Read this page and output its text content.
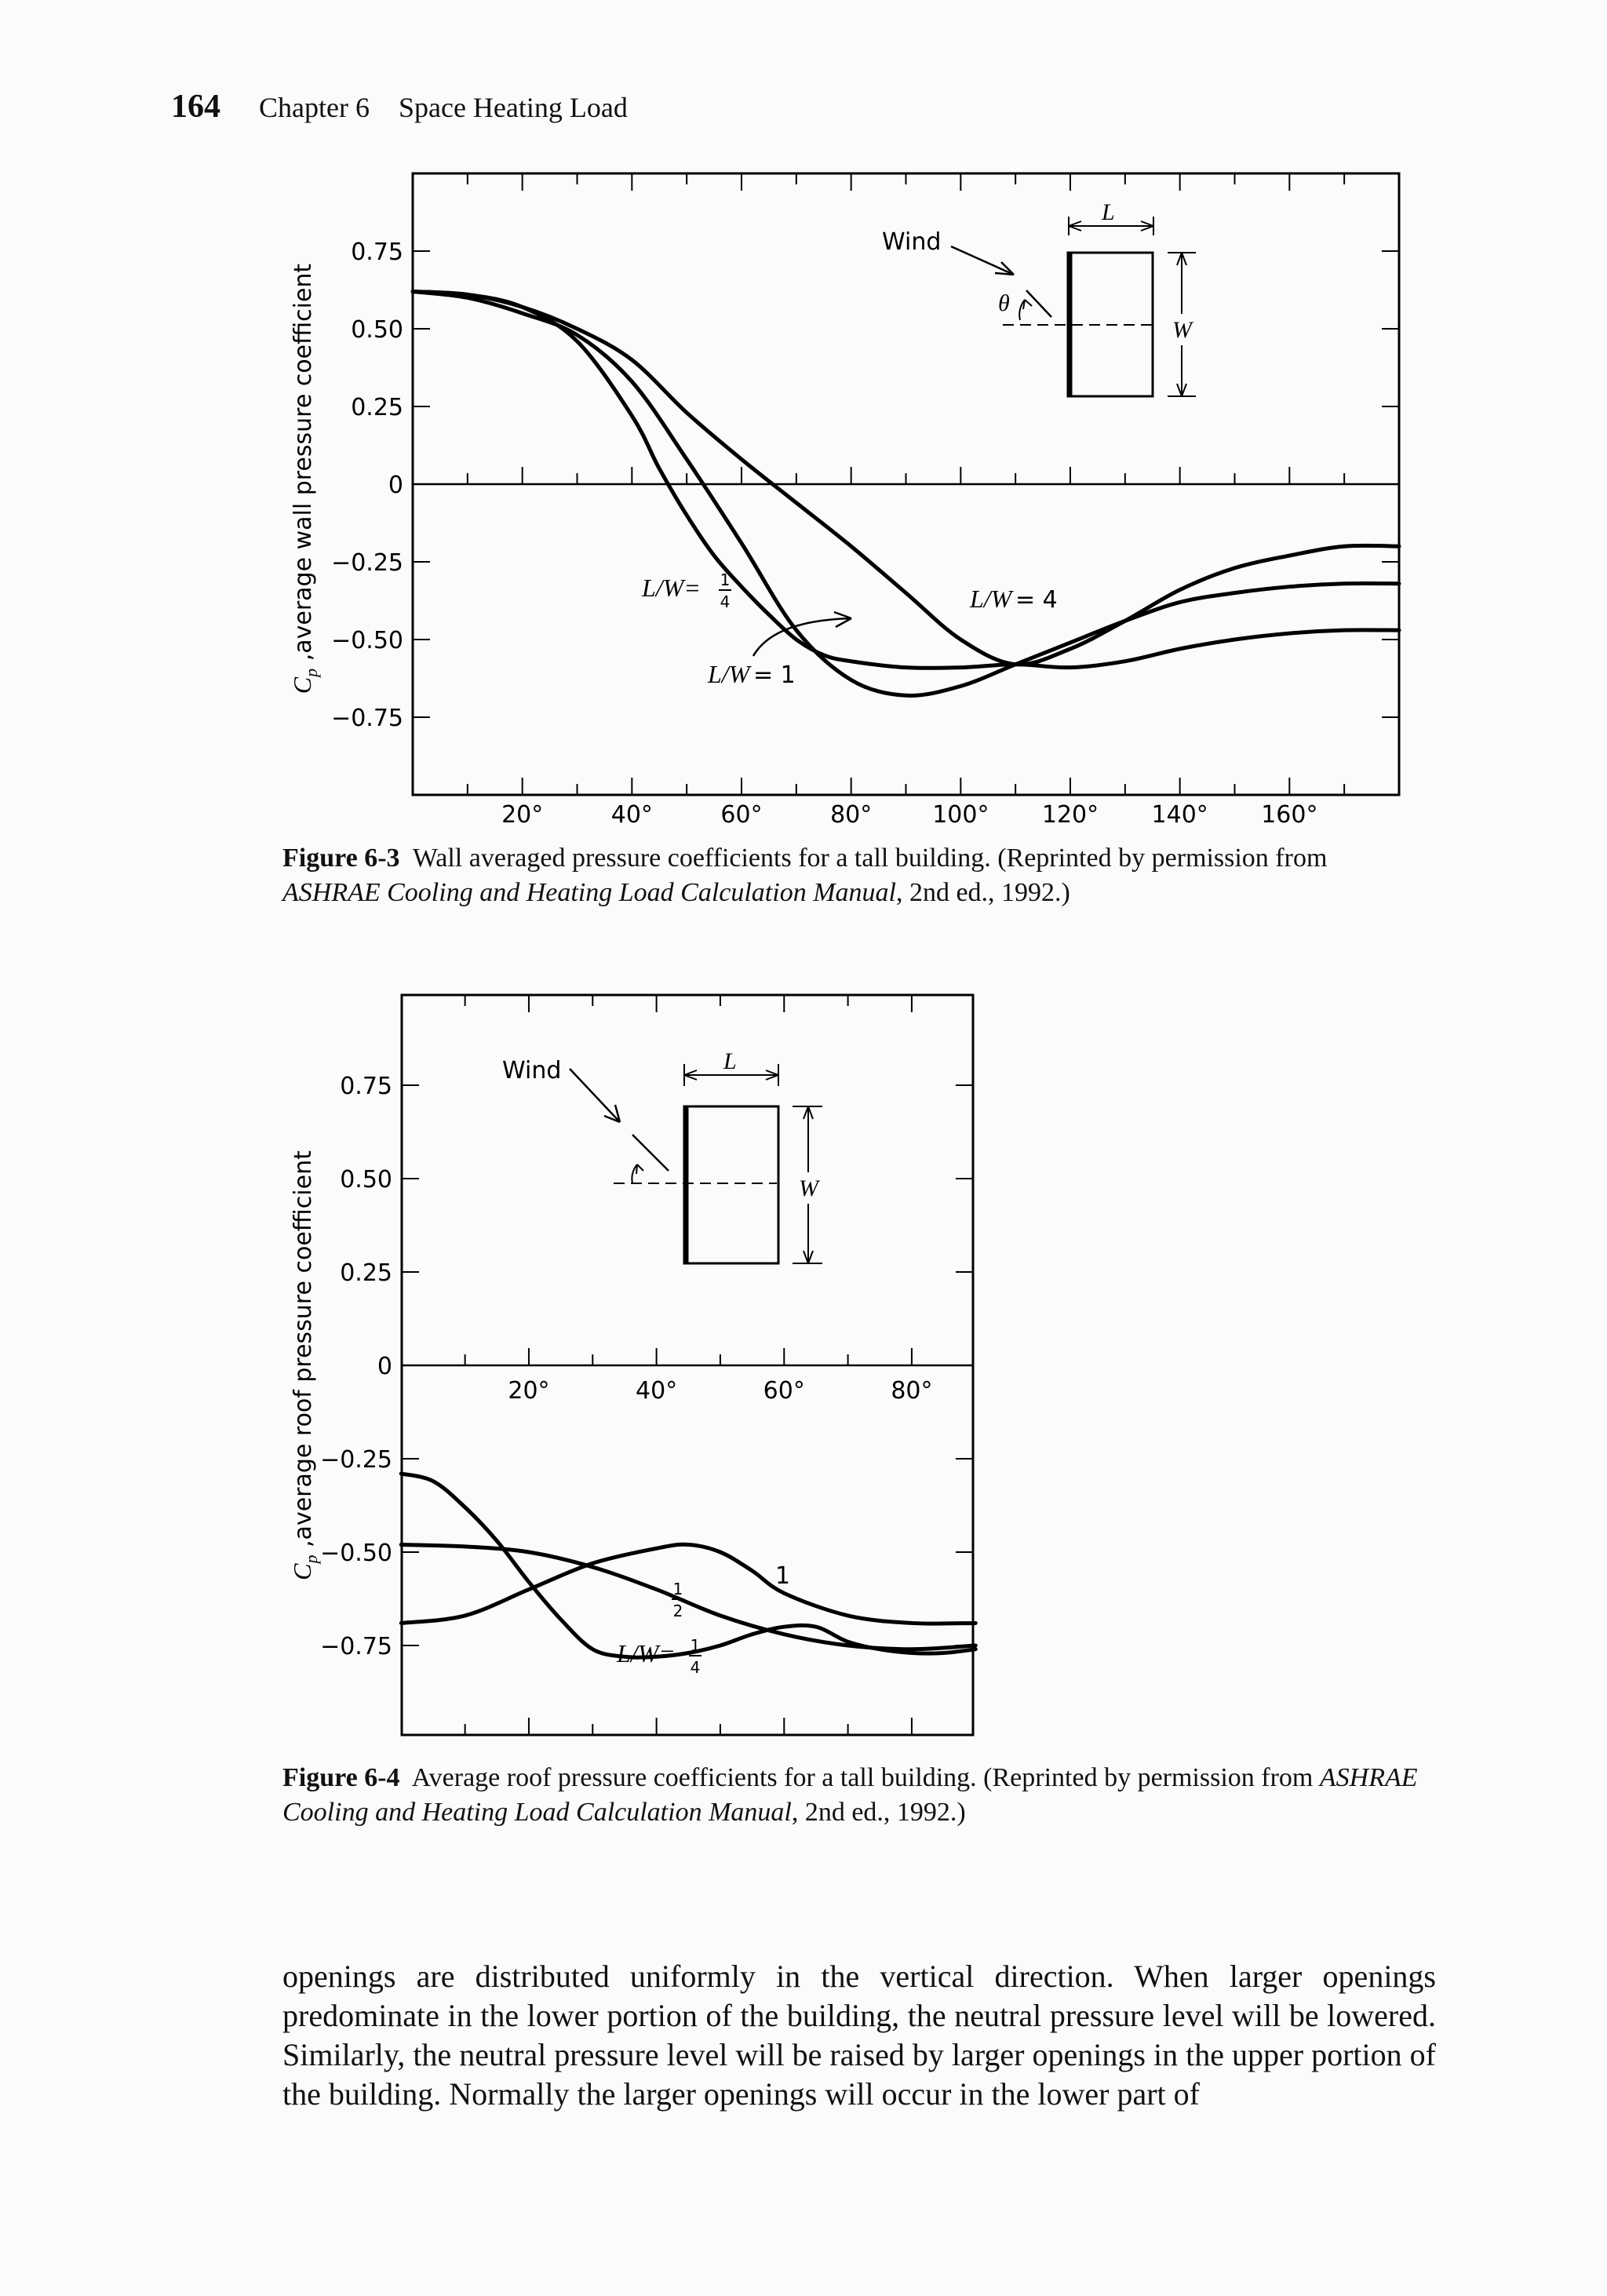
164 Chapter 6 Space Heating Load
0.75
0.50
0.25
0
−0.25
−0.50
−0.75
20°	40°	60°	80°	100° 120° 140° 160°
$C_p$ ,average wall pressure coefficient	L/W= 1
4
L/W = 1
L/W = 4
Wind
θ
L
W
Figure 6-3 Wall averaged pressure coefficients for a tall building. (Reprinted by permission from ASHRAE Cooling and Heating Load Calculation Manual, 2nd ed., 1992.)
0.75
0.50
0.25
0
−0.25
−0.50
−0.75
20°	40°	60°	80°
$C_p$ ,average roof pressure coefficient
L/W= 1
4
1
2
1
Wind	L
W
Figure 6-4 Average roof pressure coefficients for a tall building. (Reprinted by permission from ASHRAE Cooling and Heating Load Calculation Manual, 2nd ed., 1992.)
openings are distributed uniformly in the vertical direction. When larger openings predominate in the lower portion of the building, the neutral pressure level will be lowered. Similarly, the neutral pressure level will be raised by larger openings in the upper portion of the building. Normally the larger openings will occur in the lower part of
